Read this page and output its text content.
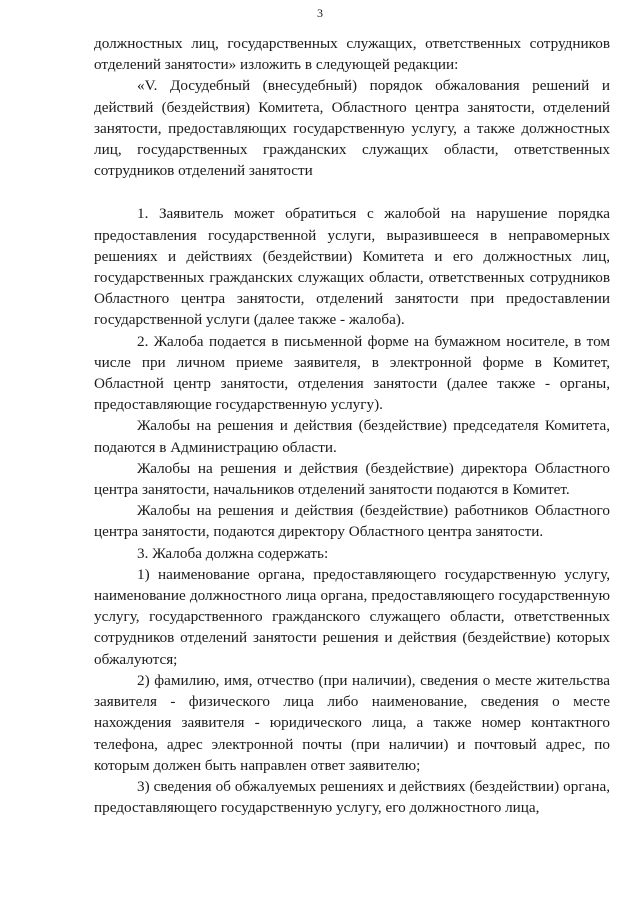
3

должностных лиц, государственных служащих, ответственных сотрудников отделений занятости» изложить в следующей редакции:

«V. Досудебный (внесудебный) порядок обжалования решений и действий (бездействия) Комитета, Областного центра занятости, отделений занятости, предоставляющих государственную услугу, а также должностных лиц, государственных гражданских служащих области, ответственных сотрудников отделений занятости

1. Заявитель может обратиться с жалобой на нарушение порядка предоставления государственной услуги, выразившееся в неправомерных решениях и действиях (бездействии) Комитета и его должностных лиц, государственных гражданских служащих области, ответственных сотрудников Областного центра занятости, отделений занятости при предоставлении государственной услуги (далее также - жалоба).

2. Жалоба подается в письменной форме на бумажном носителе, в том числе при личном приеме заявителя, в электронной форме в Комитет, Областной центр занятости, отделения занятости (далее также - органы, предоставляющие государственную услугу).

Жалобы на решения и действия (бездействие) председателя Комитета, подаются в Администрацию области.

Жалобы на решения и действия (бездействие) директора Областного центра занятости, начальников отделений занятости подаются в Комитет.

Жалобы на решения и действия (бездействие) работников Областного центра занятости, подаются директору Областного центра занятости.

3. Жалоба должна содержать:

1) наименование органа, предоставляющего государственную услугу, наименование должностного лица органа, предоставляющего государственную услугу, государственного гражданского служащего области, ответственных сотрудников отделений занятости решения и действия (бездействие) которых обжалуются;

2) фамилию, имя, отчество (при наличии), сведения о месте жительства заявителя - физического лица либо наименование, сведения о месте нахождения заявителя - юридического лица, а также номер контактного телефона, адрес электронной почты (при наличии) и почтовый адрес, по которым должен быть направлен ответ заявителю;

3) сведения об обжалуемых решениях и действиях (бездействии) органа, предоставляющего государственную услугу, его должностного лица,
